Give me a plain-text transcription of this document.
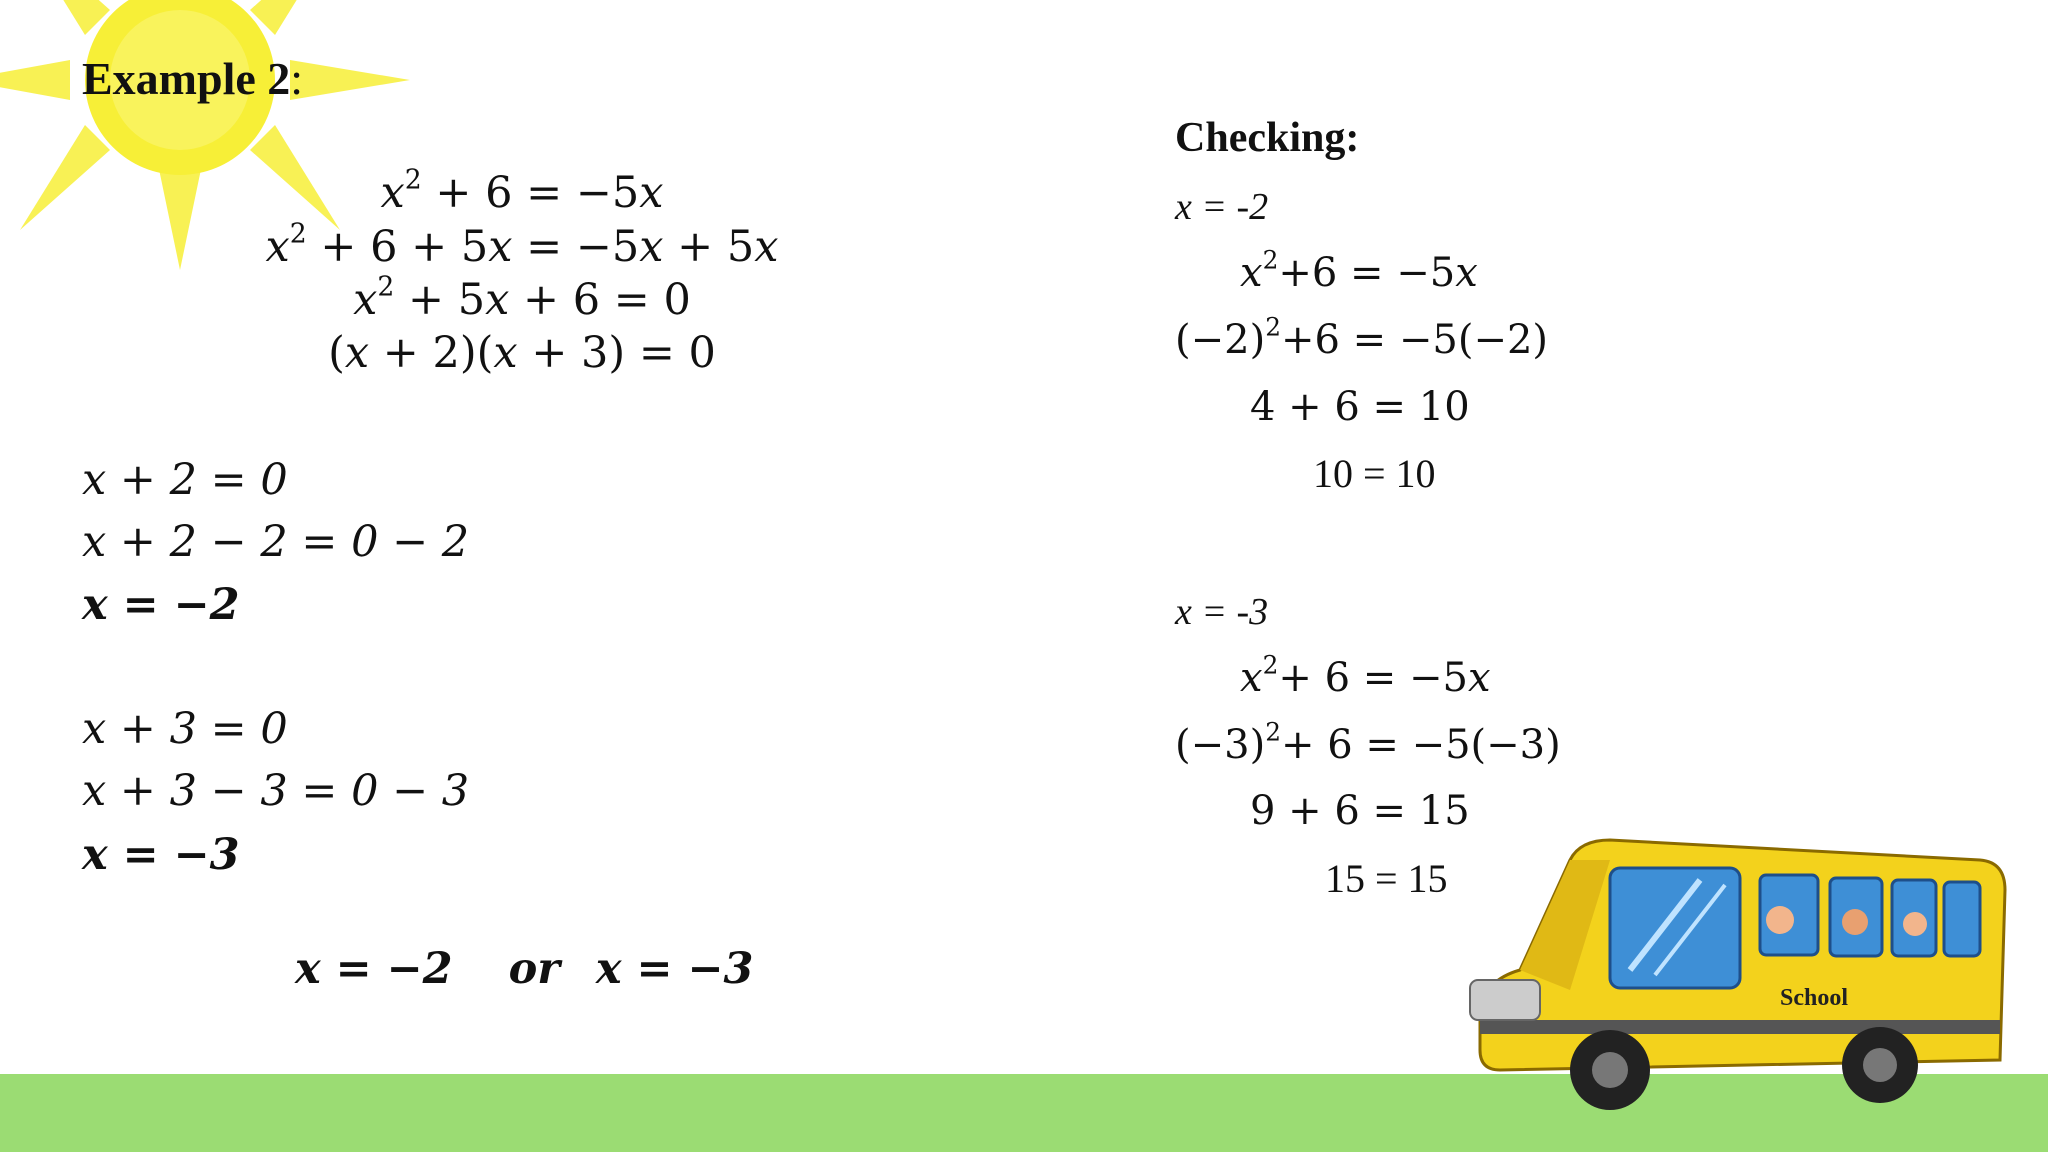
Example 2:
$x^2 + 6 = -5x$
$x^2 + 6 + 5x = -5x + 5x$
$x^2 + 5x + 6 = 0$
(x + 2)(x + 3) = 0
x + 2 = 0
x + 2 − 2 = 0 − 2
x = −2
x + 3 = 0
x + 3 − 3 = 0 − 3
x = −3
x = −2 or x = −3
Checking:
x = -2
$x^2+6 = -5x$
$(-2)^2+6 = -5(-2)$
4 + 6 = 10
10 = 10
x = -3
$x^2+ 6 = -5x$
$(-3)^2+ 6 = -5(-3)$
9 + 6 = 15
15 = 15
School
